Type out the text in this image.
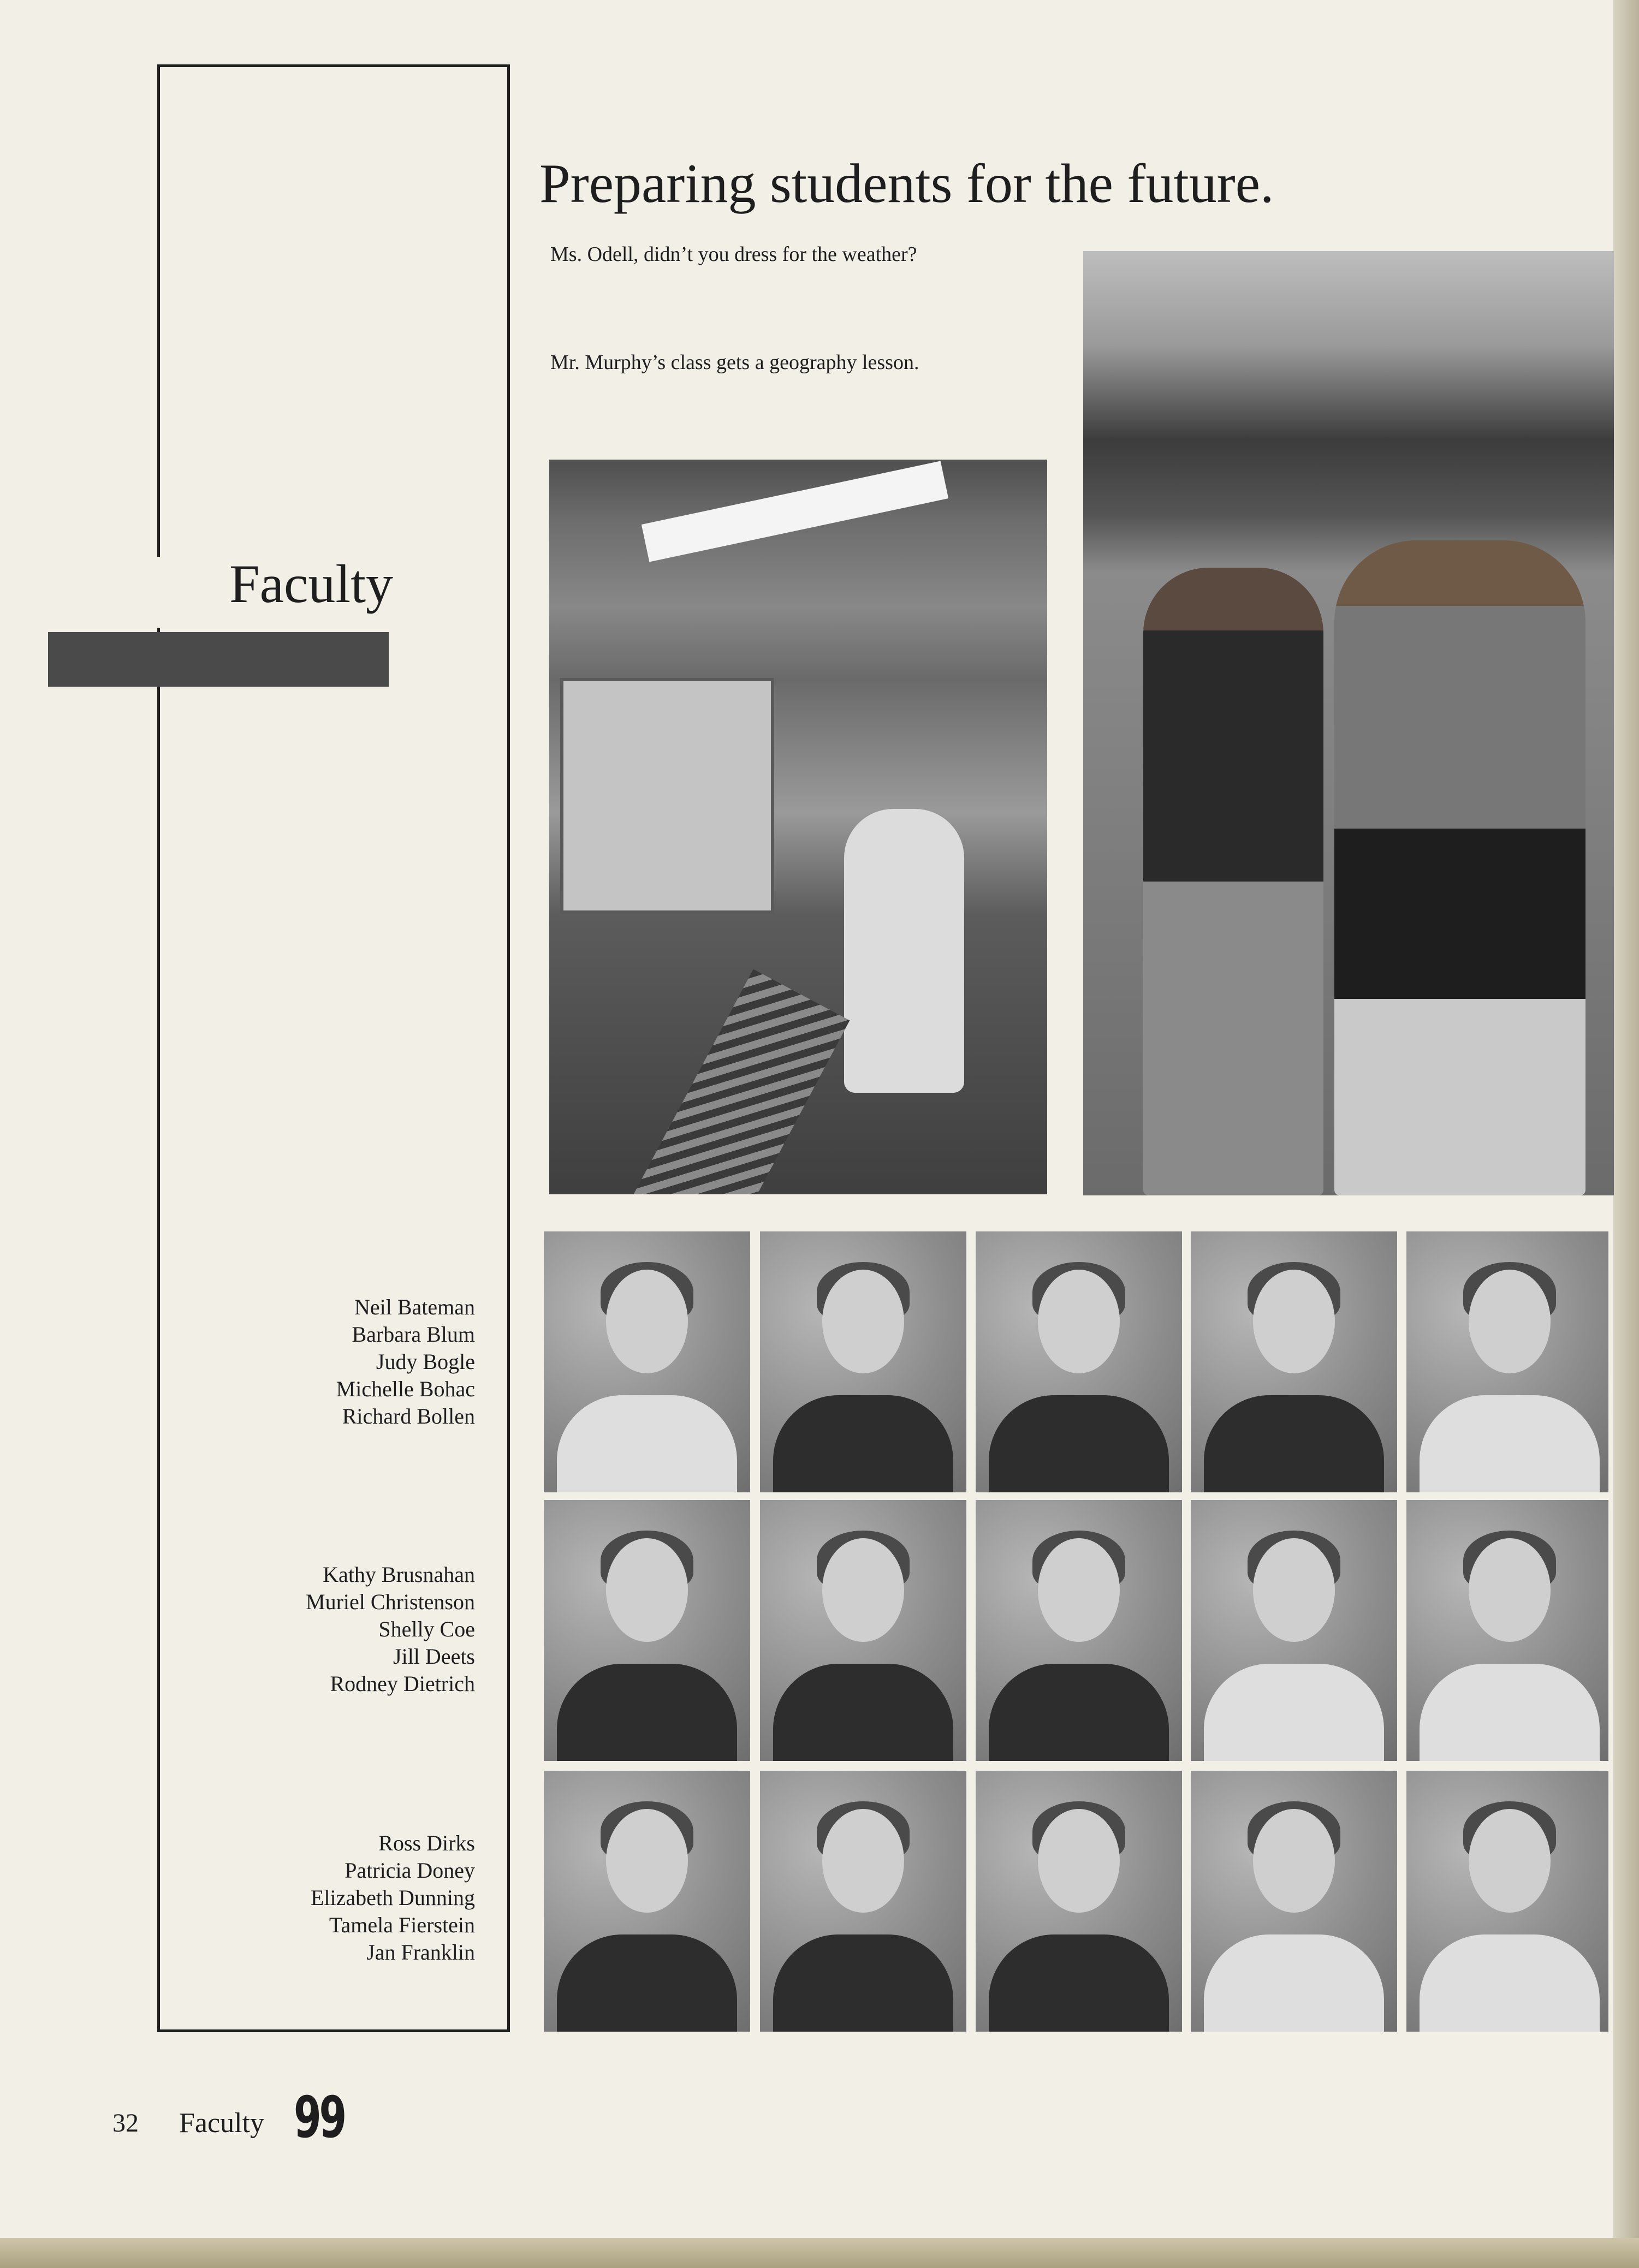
Faculty
Preparing students for the future.
Ms. Odell, didn’t you dress for the weather?
Mr. Murphy’s class gets a geography lesson.
Neil Bateman
Barbara Blum
Judy Bogle
Michelle Bohac
Richard Bollen
Kathy Brusnahan
Muriel Christenson
Shelly Coe
Jill Deets
Rodney Dietrich
Ross Dirks
Patricia Doney
Elizabeth Dunning
Tamela Fierstein
Jan Franklin
32 Faculty 99
